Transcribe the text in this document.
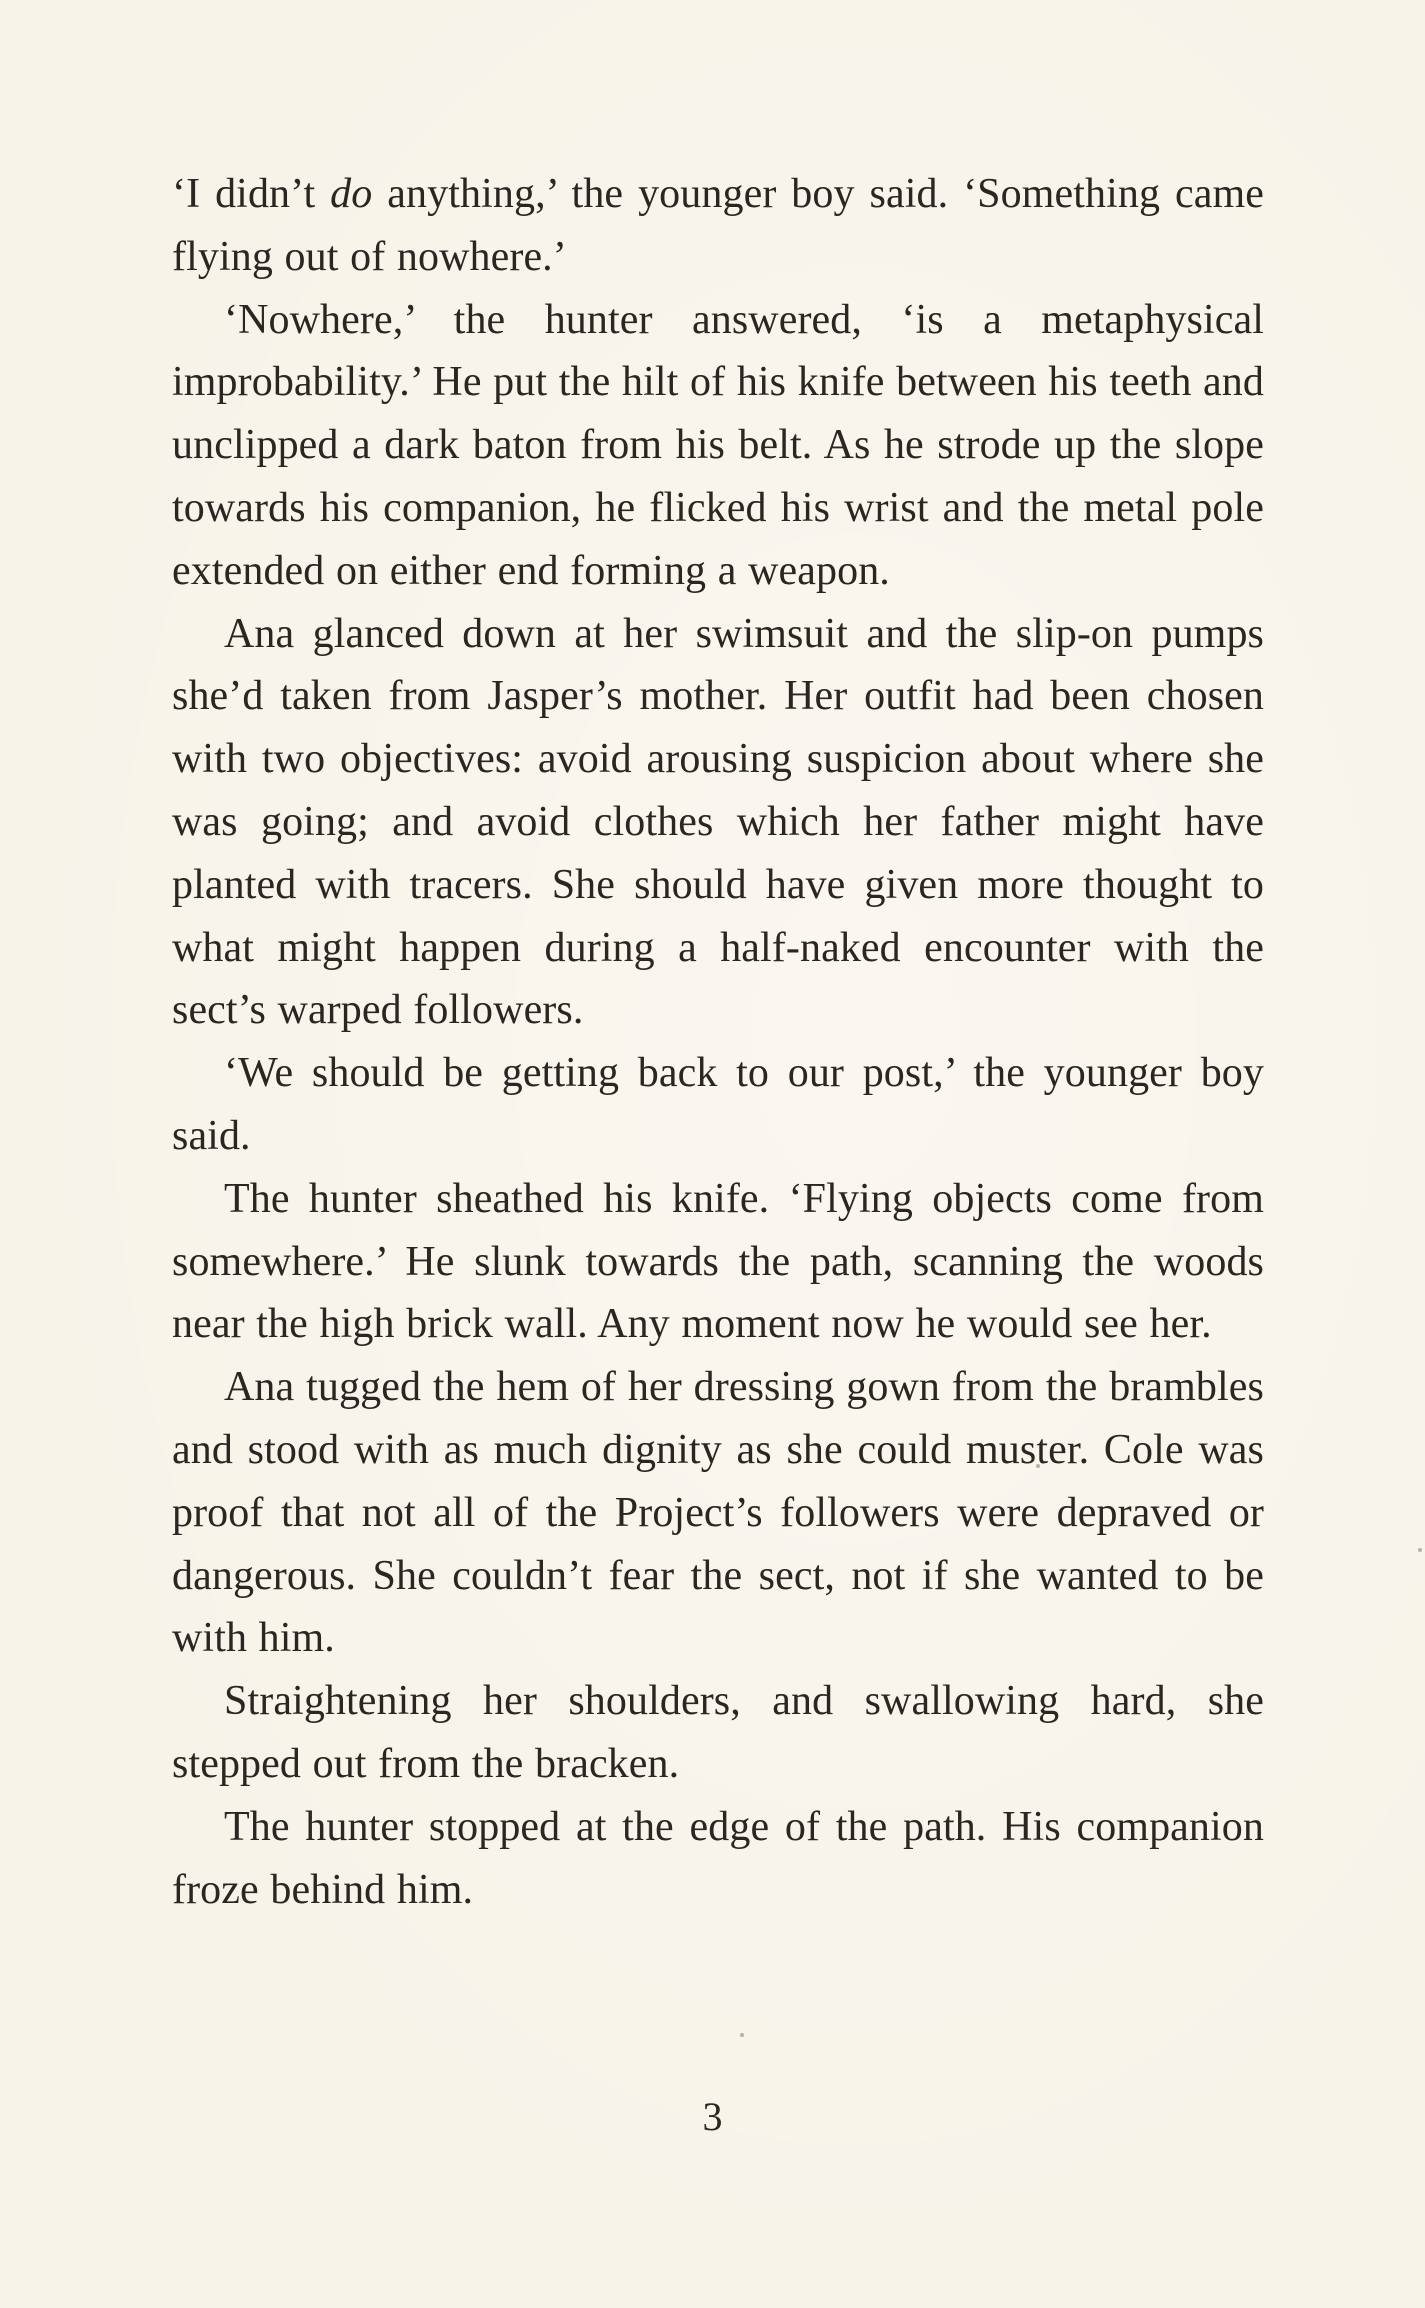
‘I didn’t do anything,’ the younger boy said. ‘Something came flying out of nowhere.’

‘Nowhere,’ the hunter answered, ‘is a metaphysical improbability.’ He put the hilt of his knife between his teeth and unclipped a dark baton from his belt. As he strode up the slope towards his companion, he flicked his wrist and the metal pole extended on either end forming a weapon.

Ana glanced down at her swimsuit and the slip-on pumps she’d taken from Jasper’s mother. Her outfit had been chosen with two objectives: avoid arousing suspicion about where she was going; and avoid clothes which her father might have planted with tracers. She should have given more thought to what might happen during a half-naked encounter with the sect’s warped followers.

‘We should be getting back to our post,’ the younger boy said.

The hunter sheathed his knife. ‘Flying objects come from somewhere.’ He slunk towards the path, scanning the woods near the high brick wall. Any moment now he would see her.

Ana tugged the hem of her dressing gown from the brambles and stood with as much dignity as she could muster. Cole was proof that not all of the Project’s followers were depraved or dangerous. She couldn’t fear the sect, not if she wanted to be with him.

Straightening her shoulders, and swallowing hard, she stepped out from the bracken.

The hunter stopped at the edge of the path. His companion froze behind him.

3
